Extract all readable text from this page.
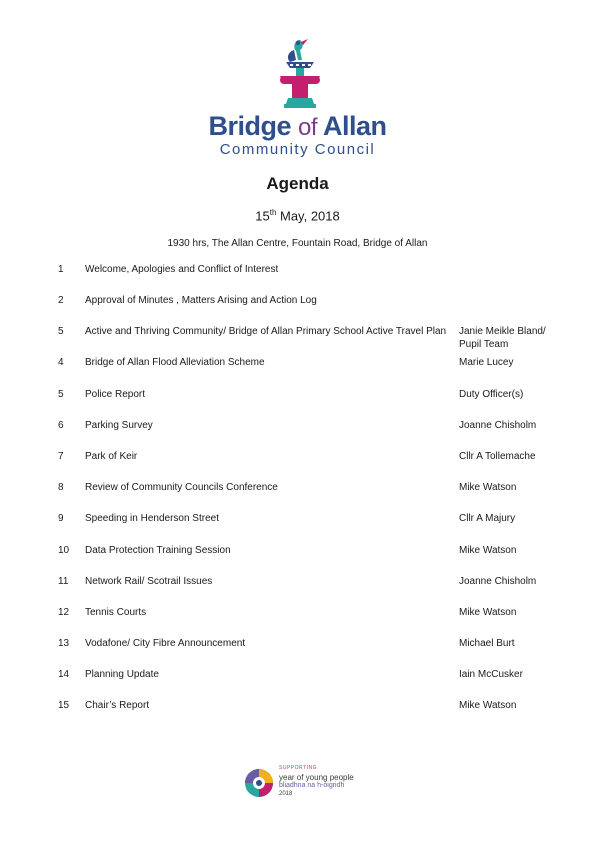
Bridge of Allan
Community Council
Agenda
15th May, 2018
1930 hrs, The Allan Centre, Fountain Road, Bridge of Allan
1	Welcome, Apologies and Conflict of Interest
2	Approval of Minutes , Matters Arising and Action Log
5	Active and Thriving Community/ Bridge of Allan Primary School Active Travel Plan	Janie Meikle Bland/ Pupil Team
4	Bridge of Allan Flood Alleviation Scheme	Marie Lucey
5	Police Report	Duty Officer(s)
6	Parking Survey	Joanne Chisholm
7	Park of Keir	Cllr A Tollemache
8	Review of Community Councils Conference	Mike Watson
9	Speeding in Henderson Street	Cllr A Majury
10	Data Protection Training Session	Mike Watson
11	Network Rail/ Scotrail Issues	Joanne Chisholm
12	Tennis Courts	Mike Watson
13	Vodafone/ City Fibre Announcement	Michael Burt
14	Planning Update	Iain McCusker
15	Chair’s Report	Mike Watson
SUPPORTING
year of young people
bliadhna na h-òigridh
2018
